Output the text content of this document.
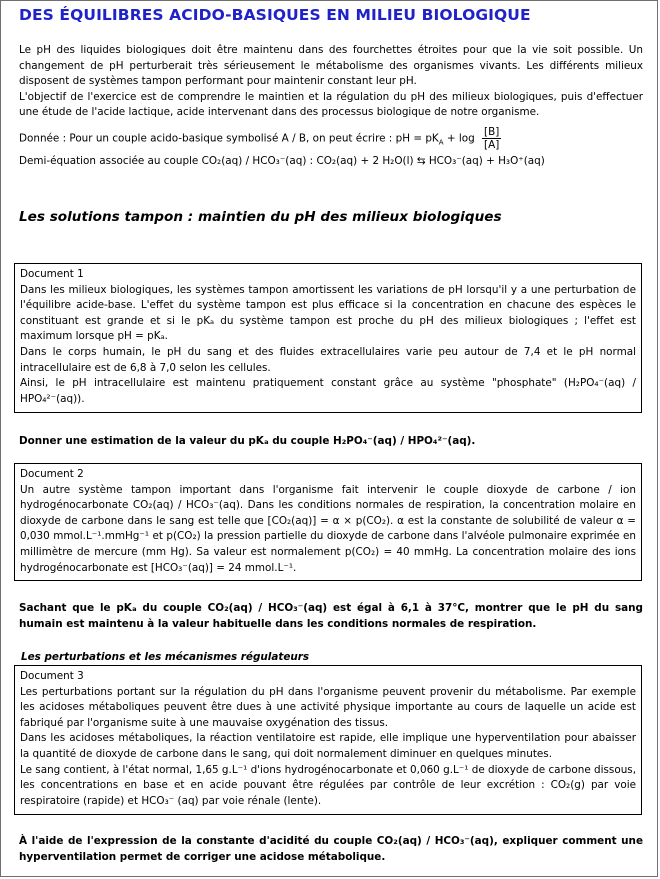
DES ÉQUILIBRES ACIDO-BASIQUES EN MILIEU BIOLOGIQUE

Le pH des liquides biologiques doit être maintenu dans des fourchettes étroites pour que la vie soit possible. Un changement de pH perturberait très sérieusement le métabolisme des organismes vivants. Les différents milieux disposent de systèmes tampon performant pour maintenir constant leur pH.

L'objectif de l'exercice est de comprendre le maintien et la régulation du pH des milieux biologiques, puis d'effectuer une étude de l'acide lactique, acide intervenant dans des processus biologique de notre organisme.

Donnée : Pour un couple acido-basique symbolisé A / B, on peut écrire : pH = $pK_A + \log \frac{[B]}{[A]}$

Demi-équation associée au couple CO₂(aq) / HCO₃⁻(aq) : CO₂(aq) + 2 H₂O(l) ⇆ HCO₃⁻(aq) + H₃O⁺(aq)

Les solutions tampon : maintien du pH des milieux biologiques

Document 1

Dans les milieux biologiques, les systèmes tampon amortissent les variations de pH lorsqu'il y a une perturbation de l'équilibre acide-base. L'effet du système tampon est plus efficace si la concentration en chacune des espèces le constituant est grande et si le pKₐ du système tampon est proche du pH des milieux biologiques ; l'effet est maximum lorsque pH = pKₐ.

Dans le corps humain, le pH du sang et des fluides extracellulaires varie peu autour de 7,4 et le pH normal intracellulaire est de 6,8 à 7,0 selon les cellules.

Ainsi, le pH intracellulaire est maintenu pratiquement constant grâce au système "phosphate" (H₂PO₄⁻(aq) / HPO₄²⁻(aq)).

Donner une estimation de la valeur du pKₐ du couple H₂PO₄⁻(aq) / HPO₄²⁻(aq).

Document 2

Un autre système tampon important dans l'organisme fait intervenir le couple dioxyde de carbone / ion hydrogénocarbonate CO₂(aq) / HCO₃⁻(aq). Dans les conditions normales de respiration, la concentration molaire en dioxyde de carbone dans le sang est telle que [CO₂(aq)] = α × p(CO₂). α est la constante de solubilité de valeur α = 0,030 mmol.L⁻¹.mmHg⁻¹ et p(CO₂) la pression partielle du dioxyde de carbone dans l'alvéole pulmonaire exprimée en millimètre de mercure (mm Hg). Sa valeur est normalement p(CO₂) = 40 mmHg. La concentration molaire des ions hydrogénocarbonate est [HCO₃⁻(aq)] = 24 mmol.L⁻¹.

Sachant que le pKₐ du couple CO₂(aq) / HCO₃⁻(aq) est égal à 6,1 à 37°C, montrer que le pH du sang humain est maintenu à la valeur habituelle dans les conditions normales de respiration.

Les perturbations et les mécanismes régulateurs

Document 3

Les perturbations portant sur la régulation du pH dans l'organisme peuvent provenir du métabolisme. Par exemple les acidoses métaboliques peuvent être dues à une activité physique importante au cours de laquelle un acide est fabriqué par l'organisme suite à une mauvaise oxygénation des tissus.

Dans les acidoses métaboliques, la réaction ventilatoire est rapide, elle implique une hyperventilation pour abaisser la quantité de dioxyde de carbone dans le sang, qui doit normalement diminuer en quelques minutes.

Le sang contient, à l'état normal, 1,65 g.L⁻¹ d'ions hydrogénocarbonate et 0,060 g.L⁻¹ de dioxyde de carbone dissous, les concentrations en base et en acide pouvant être régulées par contrôle de leur excrétion : CO₂(g) par voie respiratoire (rapide) et HCO₃⁻ (aq) par voie rénale (lente).

À l'aide de l'expression de la constante d'acidité du couple CO₂(aq) / HCO₃⁻(aq), expliquer comment une hyperventilation permet de corriger une acidose métabolique.
